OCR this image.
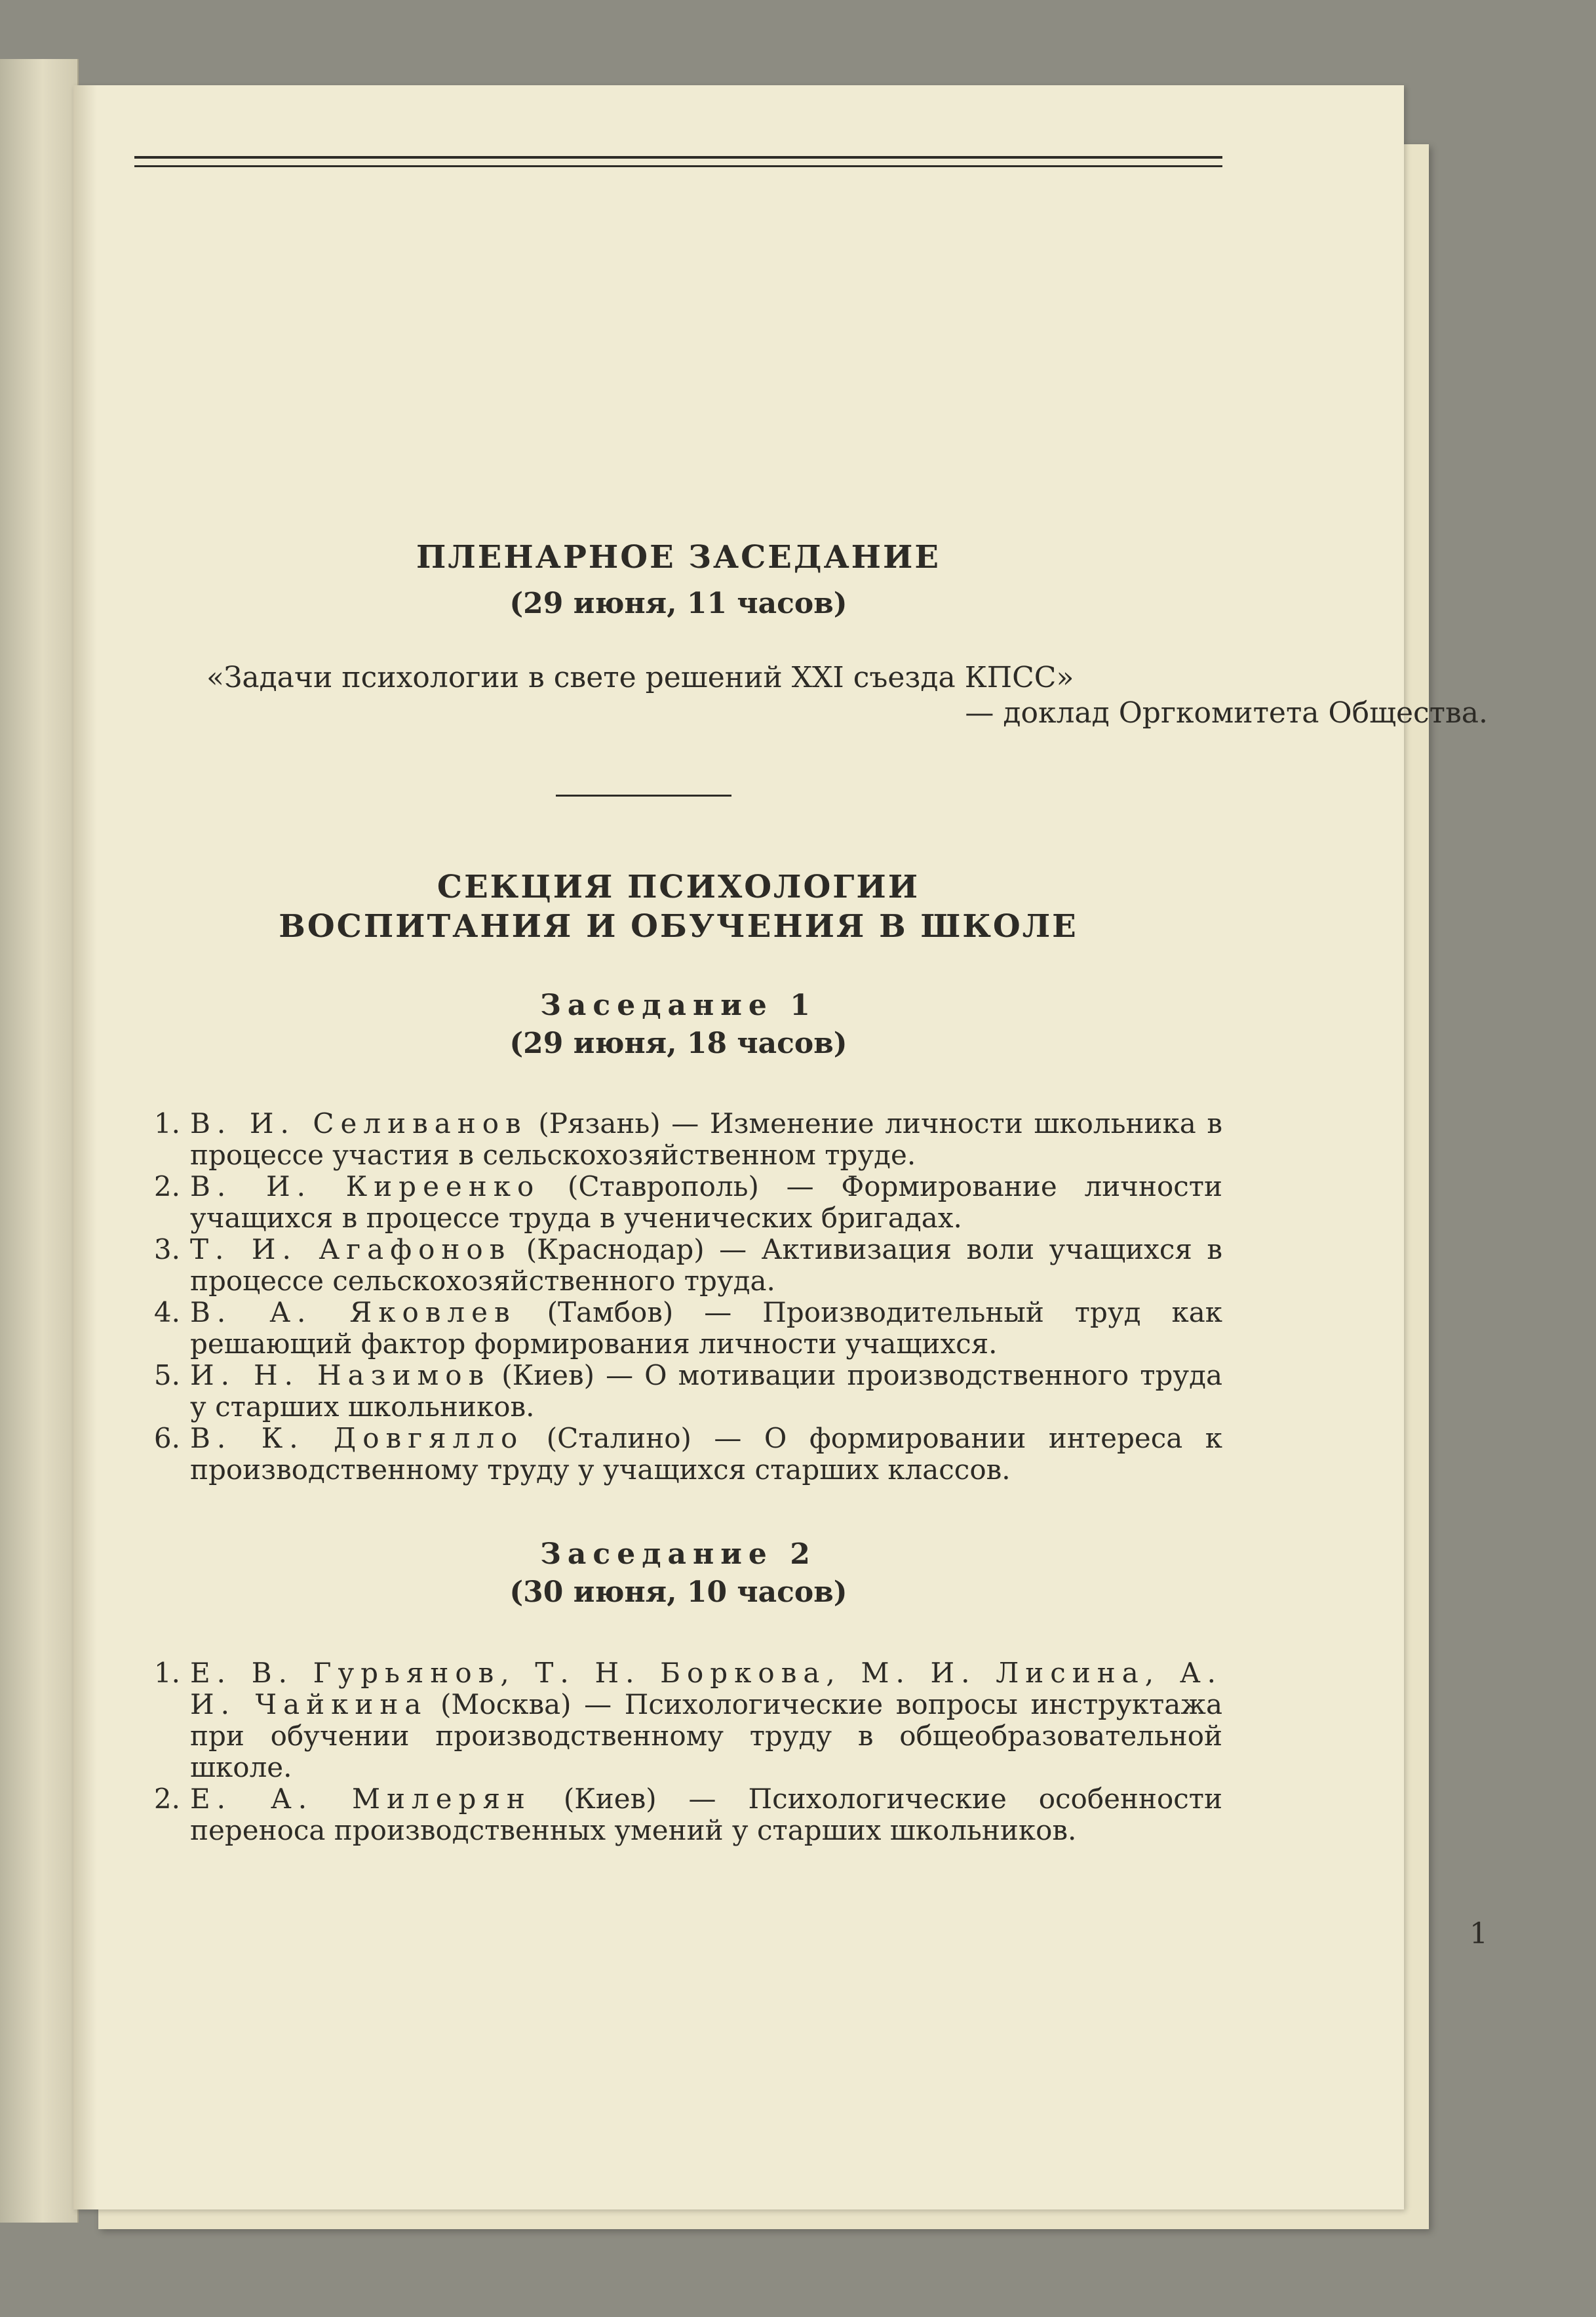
ПЛЕНАРНОЕ ЗАСЕДАНИЕ
(29 июня, 11 часов)
«Задачи психологии в свете решений XXI съезда КПСС»
— доклад Оргкомитета Общества.
СЕКЦИЯ ПСИХОЛОГИИ
ВОСПИТАНИЯ И ОБУЧЕНИЯ В ШКОЛЕ
Заседание 1
(29 июня, 18 часов)
1. В. И. Селиванов (Рязань) — Изменение личности школьника в процессе участия в сельскохозяйственном труде.
2. В. И. Киреенко (Ставрополь) — Формирование личности учащихся в процессе труда в ученических бригадах.
3. Т. И. Агафонов (Краснодар) — Активизация воли учащихся в процессе сельскохозяйственного труда.
4. В. А. Яковлев (Тамбов) — Производительный труд как решающий фактор формирования личности учащихся.
5. И. Н. Назимов (Киев) — О мотивации производственного труда у старших школьников.
6. В. К. Довгялло (Сталино) — О формировании интереса к производственному труду у учащихся старших классов.
Заседание 2
(30 июня, 10 часов)
1. Е. В. Гурьянов, Т. Н. Боркова, М. И. Лисина, А. И. Чайкина (Москва) — Психологические вопросы инструктажа при обучении производственному труду в общеобразовательной школе.
2. Е. А. Милерян (Киев) — Психологические особенности переноса производственных умений у старших школьников.
1
